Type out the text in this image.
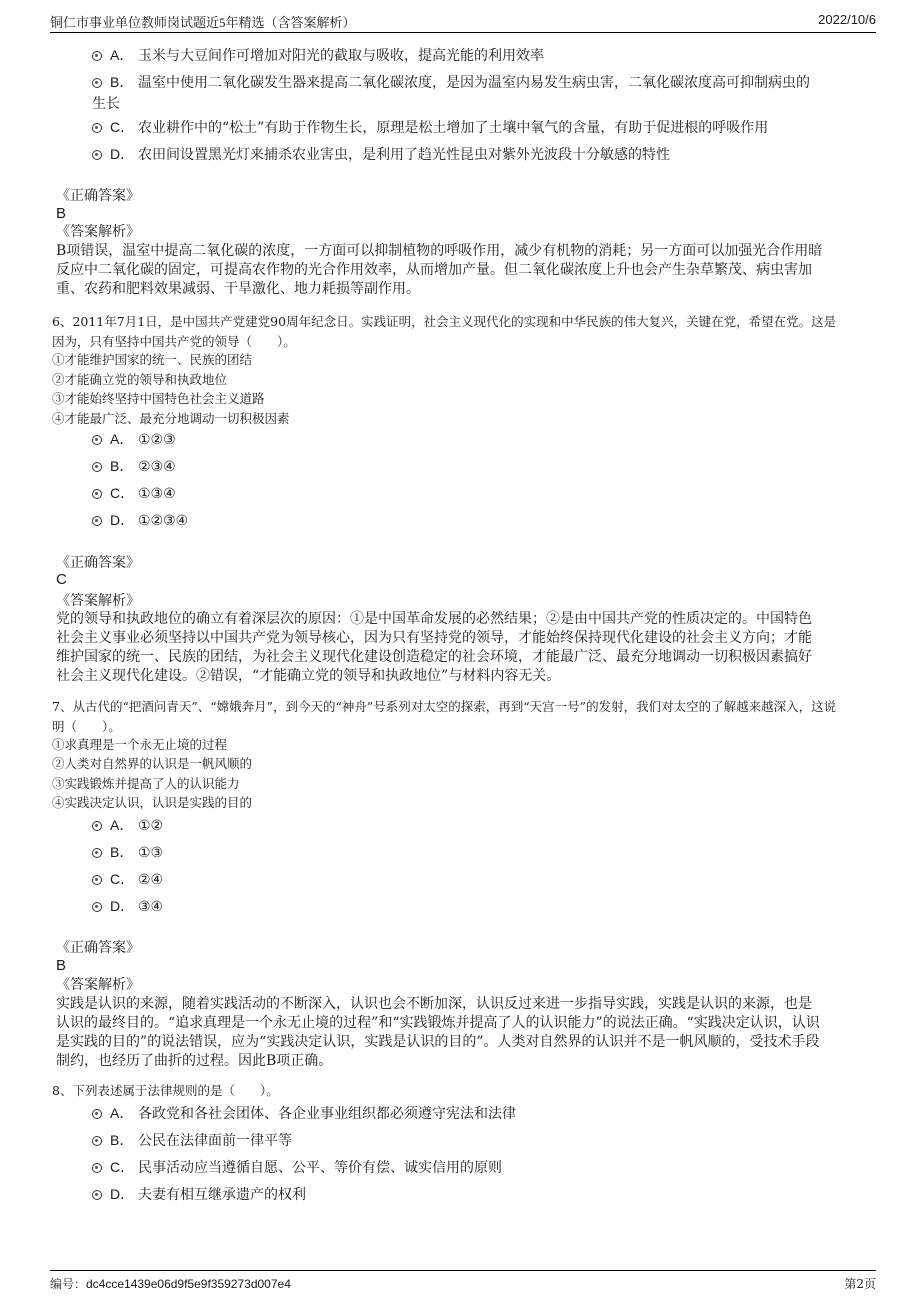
铜仁市事业单位教师岗试题近5年精选（含答案解析）	2022/10/6
A． 玉米与大豆间作可增加对阳光的截取与吸收，提高光能的利用效率
B． 温室中使用二氧化碳发生器来提高二氧化碳浓度，是因为温室内易发生病虫害，二氧化碳浓度高可抑制病虫的
生长
C． 农业耕作中的“松土”有助于作物生长，原理是松土增加了土壤中氧气的含量，有助于促进根的呼吸作用
D． 农田间设置黑光灯来捕杀农业害虫，是利用了趋光性昆虫对紫外光波段十分敏感的特性
《正确答案》
B
《答案解析》
B项错误，温室中提高二氧化碳的浓度，一方面可以抑制植物的呼吸作用，减少有机物的消耗；另一方面可以加强光合作用暗
反应中二氧化碳的固定，可提高农作物的光合作用效率，从而增加产量。但二氧化碳浓度上升也会产生杂草繁茂、病虫害加
重、农药和肥料效果减弱、干旱激化、地力耗损等副作用。
6、2011年7月1日，是中国共产党建党90周年纪念日。实践证明，社会主义现代化的实现和中华民族的伟大复兴，关键在党，希望在党。这是
因为，只有坚持中国共产党的领导（　　）。
①才能维护国家的统一、民族的团结
②才能确立党的领导和执政地位
③才能始终坚持中国特色社会主义道路
④才能最广泛、最充分地调动一切积极因素
A． ①②③
B． ②③④
C． ①③④
D． ①②③④
《正确答案》
C
《答案解析》
党的领导和执政地位的确立有着深层次的原因：①是中国革命发展的必然结果；②是由中国共产党的性质决定的。中国特色
社会主义事业必须坚持以中国共产党为领导核心，因为只有坚持党的领导，才能始终保持现代化建设的社会主义方向；才能
维护国家的统一、民族的团结，为社会主义现代化建设创造稳定的社会环境，才能最广泛、最充分地调动一切积极因素搞好
社会主义现代化建设。②错误，“才能确立党的领导和执政地位”与材料内容无关。
7、从古代的“把酒问青天”、“嫦娥奔月”，到今天的“神舟”号系列对太空的探索，再到“天宫一号”的发射，我们对太空的了解越来越深入，这说
明（　　）。
①求真理是一个永无止境的过程
②人类对自然界的认识是一帆风顺的
③实践锻炼并提高了人的认识能力
④实践决定认识，认识是实践的目的
A． ①②
B． ①③
C． ②④
D． ③④
《正确答案》
B
《答案解析》
实践是认识的来源，随着实践活动的不断深入，认识也会不断加深，认识反过来进一步指导实践，实践是认识的来源，也是
认识的最终目的。“追求真理是一个永无止境的过程”和“实践锻炼并提高了人的认识能力”的说法正确。“实践决定认识，认识
是实践的目的”的说法错误，应为“实践决定认识，实践是认识的目的”。人类对自然界的认识并不是一帆风顺的，受技术手段
制约，也经历了曲折的过程。因此B项正确。
8、下列表述属于法律规则的是（　　）。
A． 各政党和各社会团体、各企业事业组织都必须遵守宪法和法律
B． 公民在法律面前一律平等
C． 民事活动应当遵循自愿、公平、等价有偿、诚实信用的原则
D． 夫妻有相互继承遗产的权利
编号：dc4cce1439e06d9f5e9f359273d007e4	第2页
